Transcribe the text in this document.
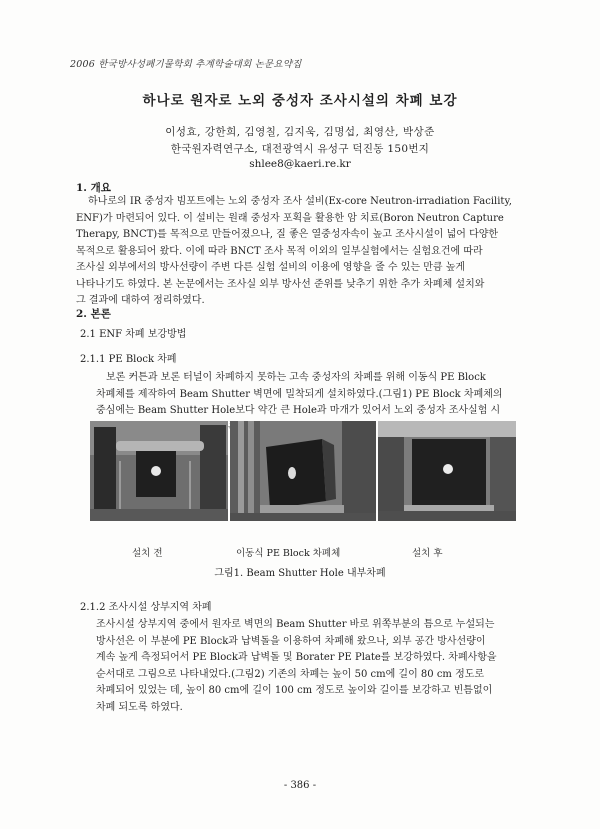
2006 한국방사성폐기물학회 추계학술대회 논문요약집
하나로 원자로 노외 중성자 조사시설의 차폐 보강
이성효, 강한희, 김영칠, 김지욱, 김명섭, 최영산, 박상준
한국원자력연구소, 대전광역시 유성구 덕진동 150번지
shlee8@kaeri.re.kr
1. 개요
하나로의 IR 중성자 빔포트에는 노외 중성자 조사 설비(Ex-core Neutron-irradiation Facility,
ENF)가 마련되어 있다. 이 설비는 원래 중성자 포획을 활용한 암 치료(Boron Neutron Capture
Therapy, BNCT)를 목적으로 만들어졌으나, 질 좋은 열중성자속이 높고 조사시설이 넓어 다양한
목적으로 활용되어 왔다. 이에 따라 BNCT 조사 목적 이외의 일부실험에서는 실험요건에 따라
조사실 외부에서의 방사선량이 주변 다른 실험 설비의 이용에 영향을 줄 수 있는 만큼 높게
나타나기도 하였다. 본 논문에서는 조사실 외부 방사선 준위를 낮추기 위한 추가 차폐체 설치와
그 결과에 대하여 정리하였다.
2. 본론
2.1 ENF 차폐 보강방법
2.1.1 PE Block 차폐
보론 커튼과 보론 터널이 차폐하지 못하는 고속 중성자의 차폐를 위해 이동식 PE Block
차폐체를 제작하여 Beam Shutter 벽면에 밀착되게 설치하였다.(그림1) PE Block 차폐체의
중심에는 Beam Shutter Hole보다 약간 큰 Hole과 마개가 있어서 노외 중성자 조사실험 시
설치 전	이동식 PE Block 차폐체	설치 후
그림1. Beam Shutter Hole 내부차폐
2.1.2 조사시설 상부지역 차폐
조사시설 상부지역 중에서 원자로 벽면의 Beam Shutter 바로 위쪽부분의 틈으로 누설되는
방사선은 이 부분에 PE Block과 납벽돌을 이용하여 차폐해 왔으나, 외부 공간 방사선량이
계속 높게 측정되어서 PE Block과 납벽돌 및 Borater PE Plate를 보강하였다. 차폐사항을
순서대로 그림으로 나타내었다.(그림2) 기존의 차폐는 높이 50 cm에 길이 80 cm 정도로
차폐되어 있었는 데, 높이 80 cm에 길이 100 cm 정도로 높이와 길이를 보강하고 빈틈없이
차폐 되도록 하였다.
- 386 -
